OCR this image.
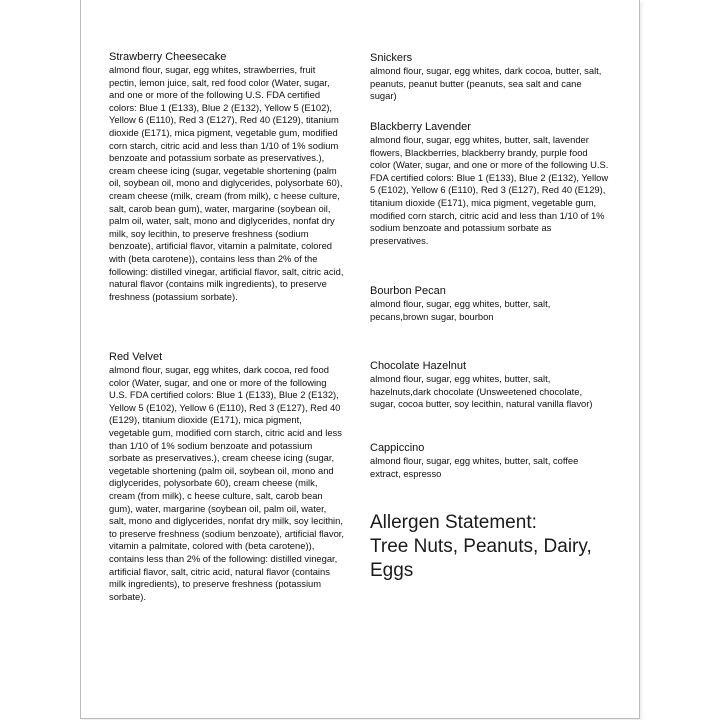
Strawberry Cheesecake

almond flour, sugar, egg whites, strawberries, fruit pectin, lemon juice, salt, red food color (Water, sugar, and one or more of the following U.S. FDA certified colors: Blue 1 (E133), Blue 2 (E132), Yellow 5 (E102), Yellow 6 (E110), Red 3 (E127), Red 40 (E129), titanium dioxide (E171), mica pigment, vegetable gum, modified corn starch, citric acid and less than 1/10 of 1% sodium benzoate and potassium sorbate as preservatives.), cream cheese icing (sugar, vegetable shortening (palm oil, soybean oil, mono and diglycerides, polysorbate 60), cream cheese (milk, cream (from milk), c heese culture, salt, carob bean gum), water, margarine (soybean oil, palm oil, water, salt, mono and diglycerides, nonfat dry milk, soy lecithin, to preserve freshness (sodium benzoate), artificial flavor, vitamin a palmitate, colored with (beta carotene)), contains less than 2% of the following: distilled vinegar, artificial flavor, salt, citric acid, natural flavor (contains milk ingredients), to preserve freshness (potassium sorbate).

Red Velvet

almond flour, sugar, egg whites, dark cocoa, red food color (Water, sugar, and one or more of the following U.S. FDA certified colors: Blue 1 (E133), Blue 2 (E132), Yellow 5 (E102), Yellow 6 (E110), Red 3 (E127), Red 40 (E129), titanium dioxide (E171), mica pigment, vegetable gum, modified corn starch, citric acid and less than 1/10 of 1% sodium benzoate and potassium sorbate as preservatives.), cream cheese icing (sugar, vegetable shortening (palm oil, soybean oil, mono and diglycerides, polysorbate 60), cream cheese (milk, cream (from milk), c heese culture, salt, carob bean gum), water, margarine (soybean oil, palm oil, water, salt, mono and diglycerides, nonfat dry milk, soy lecithin, to preserve freshness (sodium benzoate), artificial flavor, vitamin a palmitate, colored with (beta carotene)), contains less than 2% of the following: distilled vinegar, artificial flavor, salt, citric acid, natural flavor (contains milk ingredients), to preserve freshness (potassium sorbate).

Snickers

almond flour, sugar, egg whites, dark cocoa, butter, salt, peanuts, peanut butter (peanuts, sea salt and cane sugar)

Blackberry Lavender

almond flour, sugar, egg whites, butter, salt, lavender flowers, Blackberries, blackberry brandy, purple food color (Water, sugar, and one or more of the following U.S. FDA certified colors: Blue 1 (E133), Blue 2 (E132), Yellow 5 (E102), Yellow 6 (E110), Red 3 (E127), Red 40 (E129), titanium dioxide (E171), mica pigment, vegetable gum, modified corn starch, citric acid and less than 1/10 of 1% sodium benzoate and potassium sorbate as preservatives.

Bourbon Pecan

almond flour, sugar, egg whites, butter, salt, pecans,brown sugar, bourbon

Chocolate Hazelnut

almond flour, sugar, egg whites, butter, salt, hazelnuts,dark chocolate (Unsweetened chocolate, sugar, cocoa butter, soy lecithin, natural vanilla flavor)

Cappiccino

almond flour, sugar, egg whites, butter, salt, coffee extract, espresso

Allergen Statement:
Tree Nuts, Peanuts, Dairy,
Eggs
